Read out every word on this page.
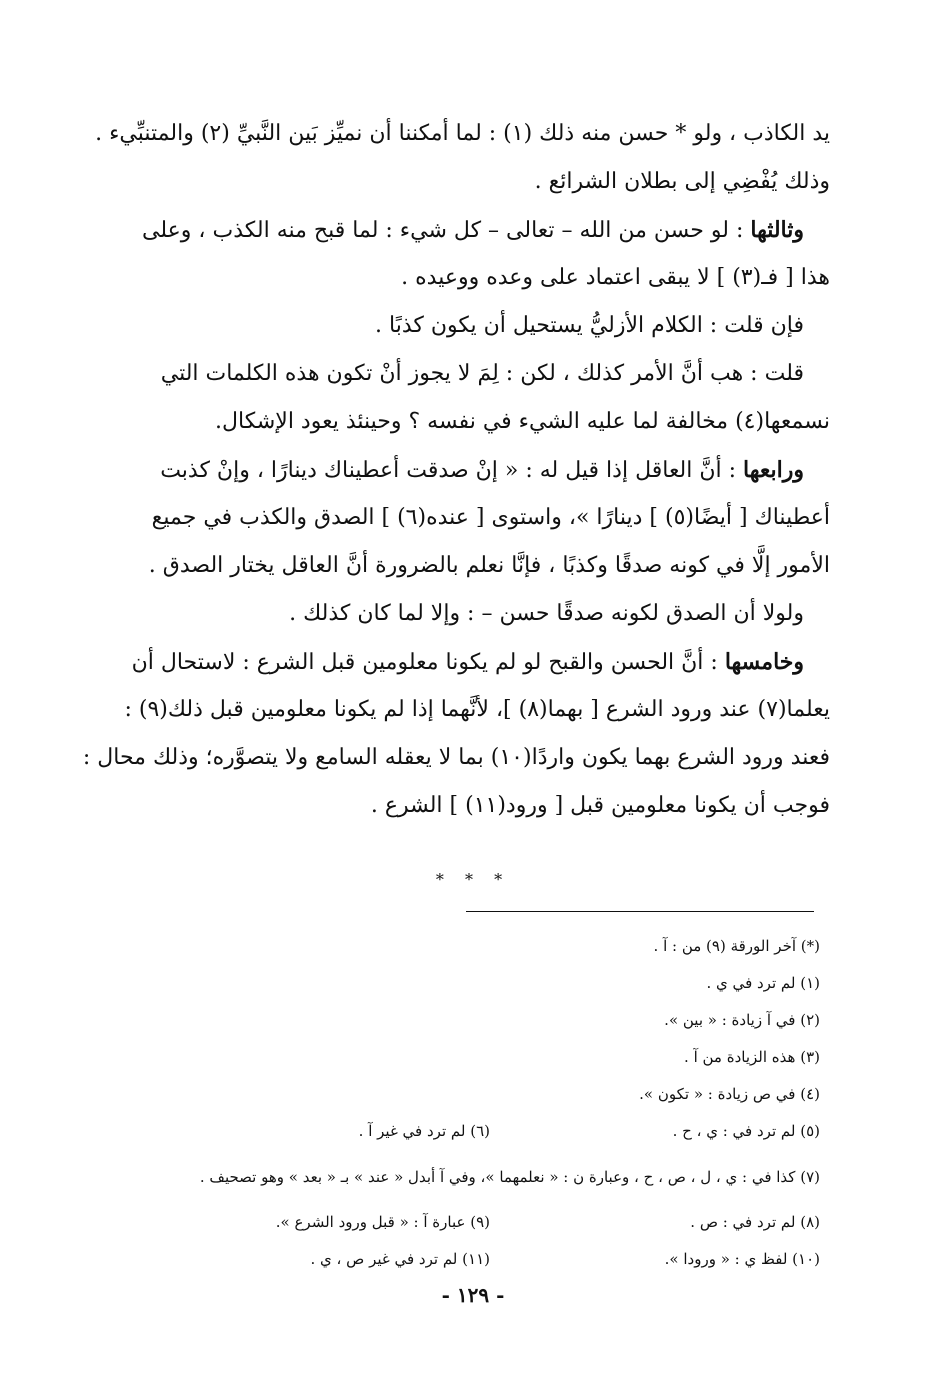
يد الكاذب ، ولو * حسن منه ذلك (١) : لما أمكننا أن نميِّز بَين النَّبيِّ (٢) والمتنبِّيء .
وذلك يُفْضِي إلى بطلان الشرائع .
وثالثها : لو حسن من الله – تعالى – كل شيء : لما قبح منه الكذب ، وعلى
هذا [ فـ(٣) ] لا يبقى اعتماد على وعده ووعيده .
فإن قلت : الكلام الأزليُّ يستحيل أن يكون كذبًا .
قلت : هب أنَّ الأمر كذلك ، لكن : لِمَ لا يجوز أنْ تكون هذه الكلمات التي
نسمعها(٤) مخالفة لما عليه الشيء في نفسه ؟ وحينئذ يعود الإشكال.
ورابعها : أنَّ العاقل إذا قيل له : « إنْ صدقت أعطيناك دينارًا ، وإنْ كذبت
أعطيناك [ أيضًا(٥) ] دينارًا »، واستوى [ عنده(٦) ] الصدق والكذب في جميع
الأمور إلَّا في كونه صدقًا وكذبًا ، فإنَّا نعلم بالضرورة أنَّ العاقل يختار الصدق .
ولولا أن الصدق لكونه صدقًا حسن – : وإلا لما كان كذلك .
وخامسها : أنَّ الحسن والقبح لو لم يكونا معلومين قبل الشرع : لاستحال أن
يعلما(٧) عند ورود الشرع [ بهما(٨) ]، لأنَّهما إذا لم يكونا معلومين قبل ذلك(٩) :
فعند ورود الشرع بهما يكون واردًا(١٠) بما لا يعقله السامع ولا يتصوَّره؛ وذلك محال :
فوجب أن يكونا معلومين قبل [ ورود(١١) ] الشرع .
* * *
(*) آخر الورقة (٩) من : آ .
(١) لم ترد في ي .
(٢) في آ زيادة : « بين ».
(٣) هذه الزيادة من آ .
(٤) في ص زيادة : « تكون ».
(٥) لم ترد في : ي ، ح .
(٦) لم ترد في غير آ .
(٧) كذا في : ي ، ل ، ص ، ح ، وعبارة ن : « نعلمهما »، وفي آ أبدل « عند » بـ « بعد » وهو تصحيف .
(٨) لم ترد في : ص .
(٩) عبارة آ : « قبل ورود الشرع ».
(١٠) لفظ ي : « ورودا ».
(١١) لم ترد في غير ص ، ي .
- ١٢٩ -
